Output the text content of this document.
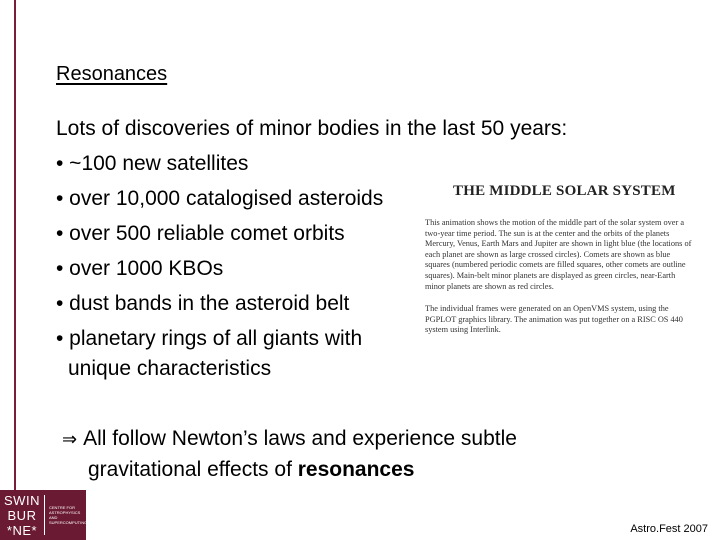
Resonances
Lots of discoveries of minor bodies in the last 50 years:
• ~100 new satellites
• over 10,000 catalogised asteroids
• over 500 reliable comet orbits
• over 1000 KBOs
• dust bands in the asteroid belt
• planetary rings of all giants with
unique characteristics
THE MIDDLE SOLAR SYSTEM

This animation shows the motion of the middle part of the solar system over a two-year time period. The sun is at the center and the orbits of the planets Mercury, Venus, Earth Mars and Jupiter are shown in light blue (the locations of each planet are shown as large crossed circles). Comets are shown as blue squares (numbered periodic comets are filled squares, other comets are outline squares). Main-belt minor planets are displayed as green circles, near-Earth minor planets are shown as red circles.

The individual frames were generated on an OpenVMS system, using the PGPLOT graphics library. The animation was put together on a RISC OS 440 system using Interlink.
⇒ All follow Newton’s laws and experience subtle
gravitational effects of resonances
SWIN
BUR
*NE*
CENTRE FOR ASTROPHYSICS AND SUPERCOMPUTING
Astro.Fest 2007
